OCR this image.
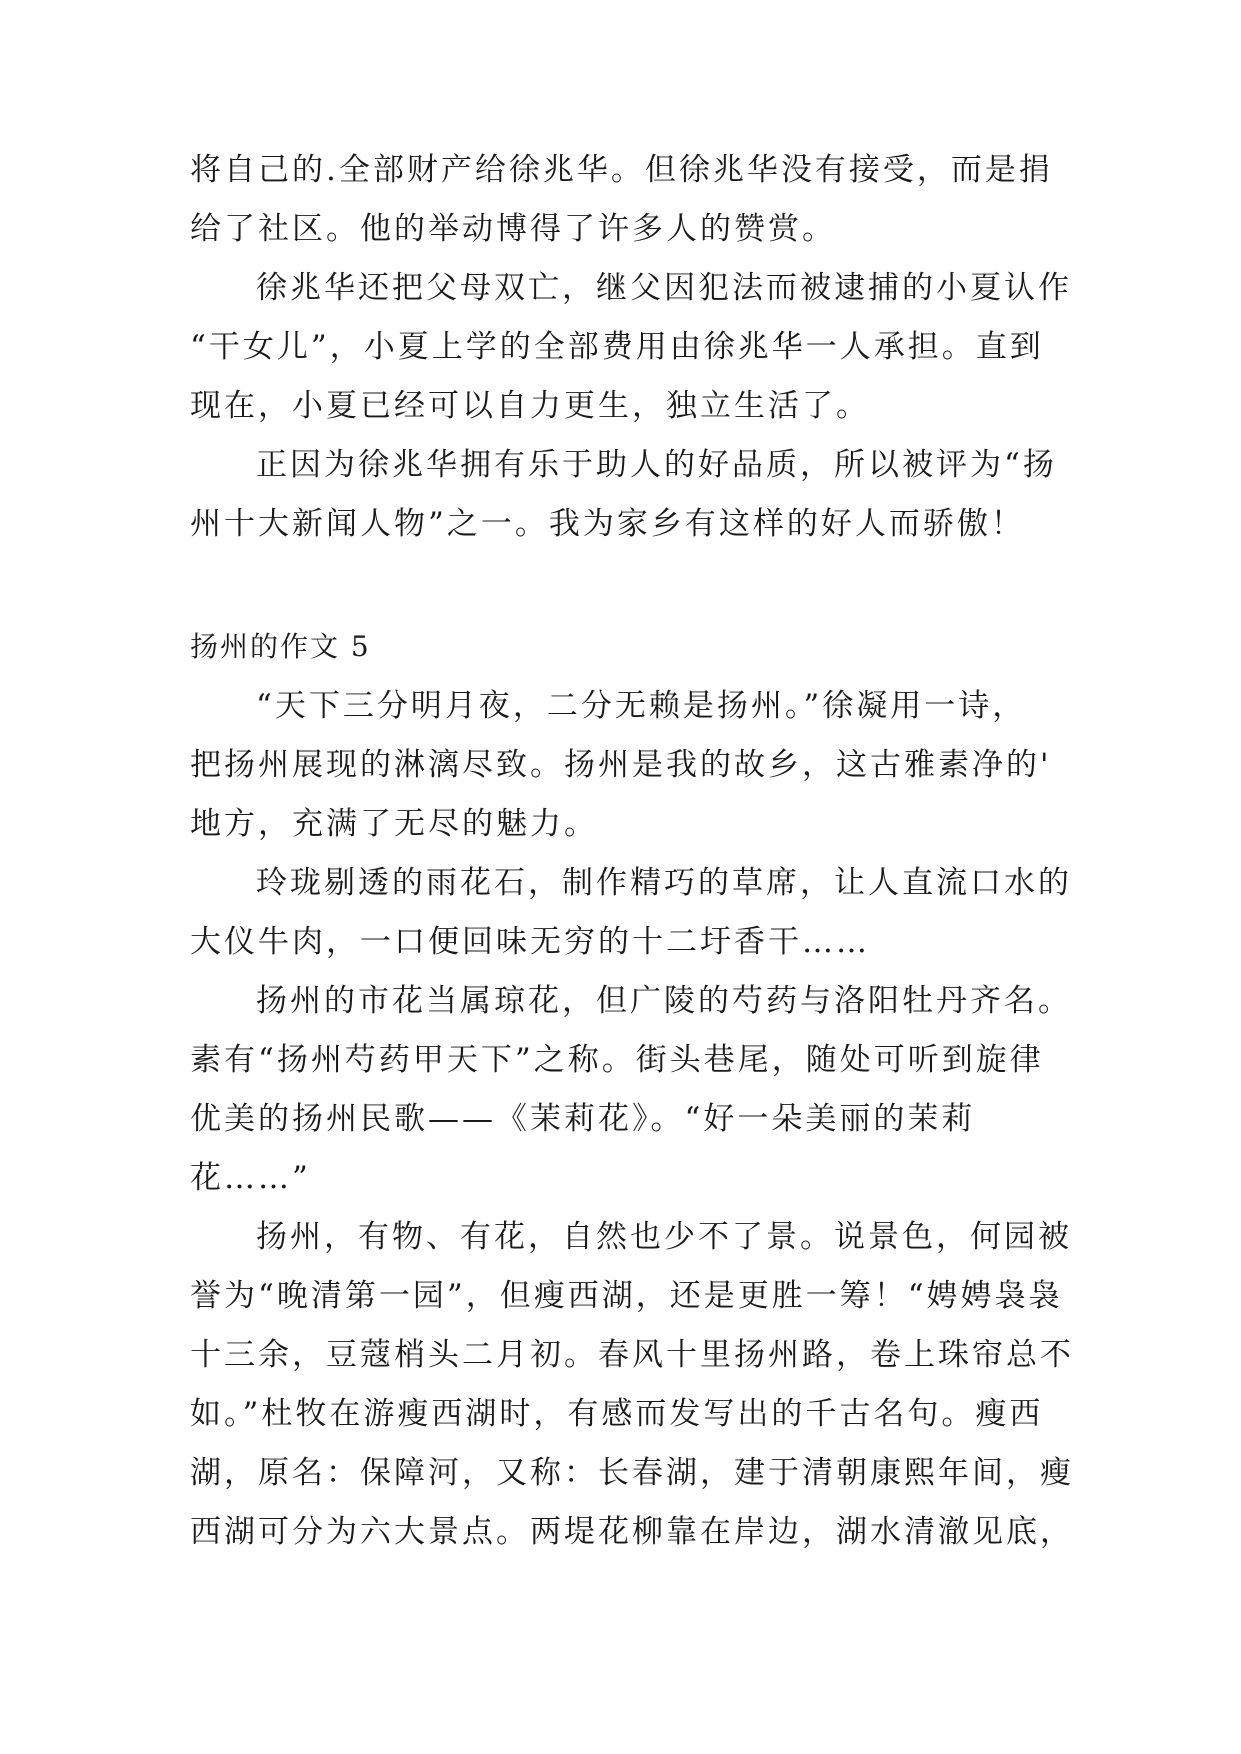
将自己的.全部财产给徐兆华。但徐兆华没有接受，而是捐
给了社区。他的举动博得了许多人的赞赏。
徐兆华还把父母双亡，继父因犯法而被逮捕的小夏认作
“干女儿”，小夏上学的全部费用由徐兆华一人承担。直到
现在，小夏已经可以自力更生，独立生活了。
正因为徐兆华拥有乐于助人的好品质，所以被评为“扬
州十大新闻人物”之一。我为家乡有这样的好人而骄傲！
扬州的作文 5
“天下三分明月夜，二分无赖是扬州。”徐凝用一诗，
把扬州展现的淋漓尽致。扬州是我的故乡，这古雅素净的'
地方，充满了无尽的魅力。
玲珑剔透的雨花石，制作精巧的草席，让人直流口水的
大仪牛肉，一口便回味无穷的十二圩香干……
扬州的市花当属琼花，但广陵的芍药与洛阳牡丹齐名。
素有“扬州芍药甲天下”之称。街头巷尾，随处可听到旋律
优美的扬州民歌——《茉莉花》。“好一朵美丽的茉莉
花……”
扬州，有物、有花，自然也少不了景。说景色，何园被
誉为“晚清第一园”，但瘦西湖，还是更胜一筹！“娉娉袅袅
十三余，豆蔻梢头二月初。春风十里扬州路，卷上珠帘总不
如。”杜牧在游瘦西湖时，有感而发写出的千古名句。瘦西
湖，原名：保障河，又称：长春湖，建于清朝康熙年间，瘦
西湖可分为六大景点。两堤花柳靠在岸边，湖水清澈见底，
